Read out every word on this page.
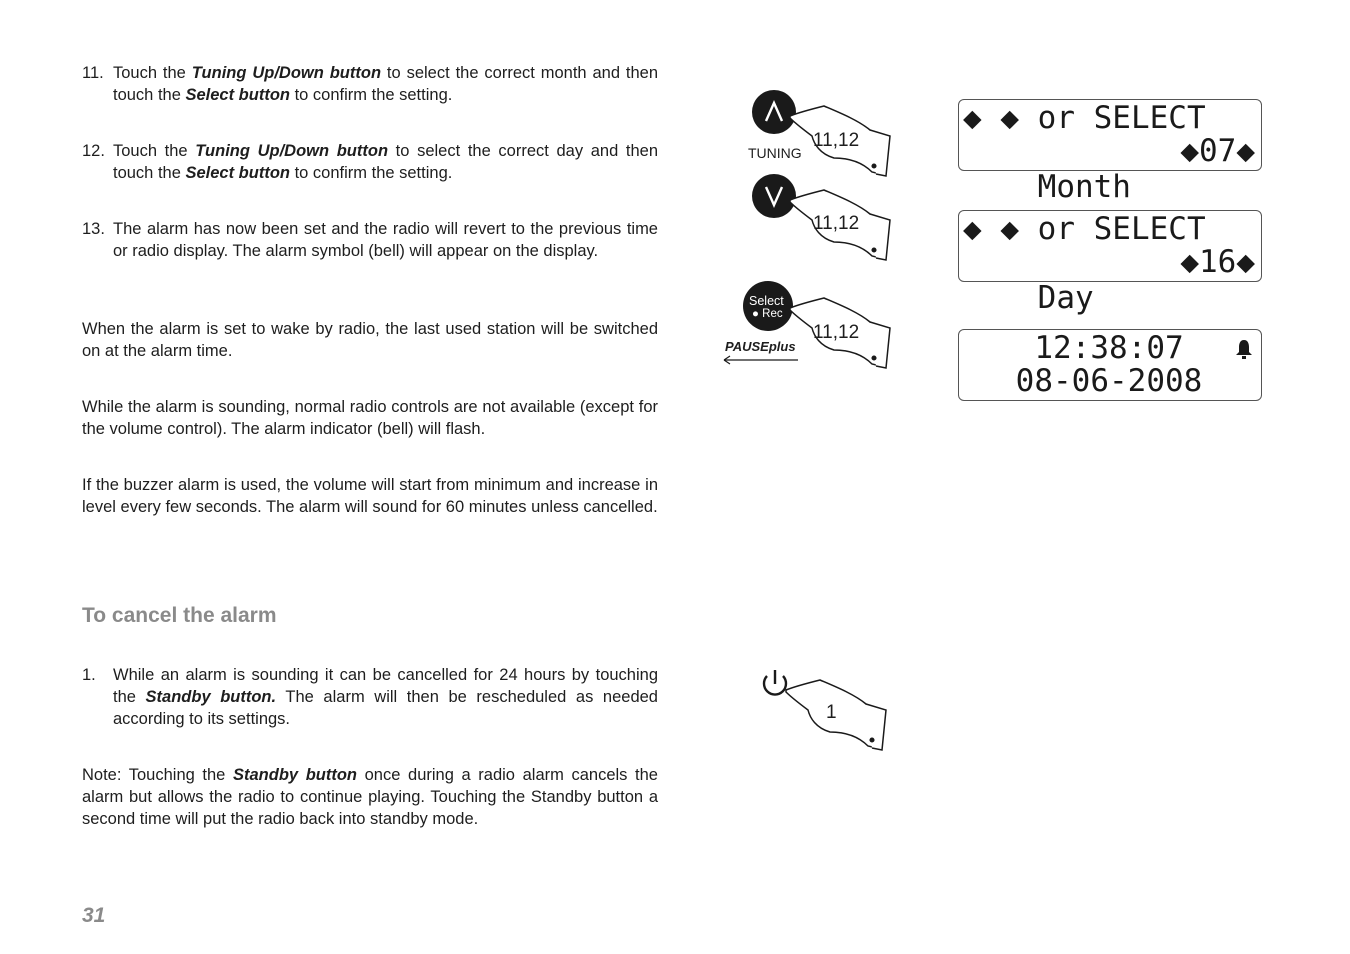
11. Touch the Tuning Up/Down button to select the correct month and then touch the Select button to confirm the setting.
12. Touch the Tuning Up/Down button to select the correct day and then touch the Select button to confirm the setting.
13. The alarm has now been set and the radio will revert to the previous time or radio display. The alarm symbol (bell) will appear on the display.
When the alarm is set to wake by radio, the last used station will be switched on at the alarm time.
While the alarm is sounding, normal radio controls are not available (except for the volume control). The alarm indicator (bell) will flash.
If the buzzer alarm is used, the volume will start from minimum and increase in level every few seconds. The alarm will sound for 60 minutes unless cancelled.
To cancel the alarm
1. While an alarm is sounding it can be cancelled for 24 hours by touching the Standby button. The alarm will then be rescheduled as needed according to its settings.
Note: Touching the Standby button once during a radio alarm cancels the alarm but allows the radio to continue playing. Touching the Standby button a second time will put the radio back into standby mode.
31
TUNING
11,12
11,12
Select
● Rec
PAUSEplus
11,12
1
◆ ◆ or SELECT

Month

◆07◆

◆ ◆ or SELECT

Day

◆16◆

12:38:07
08-06-2008
